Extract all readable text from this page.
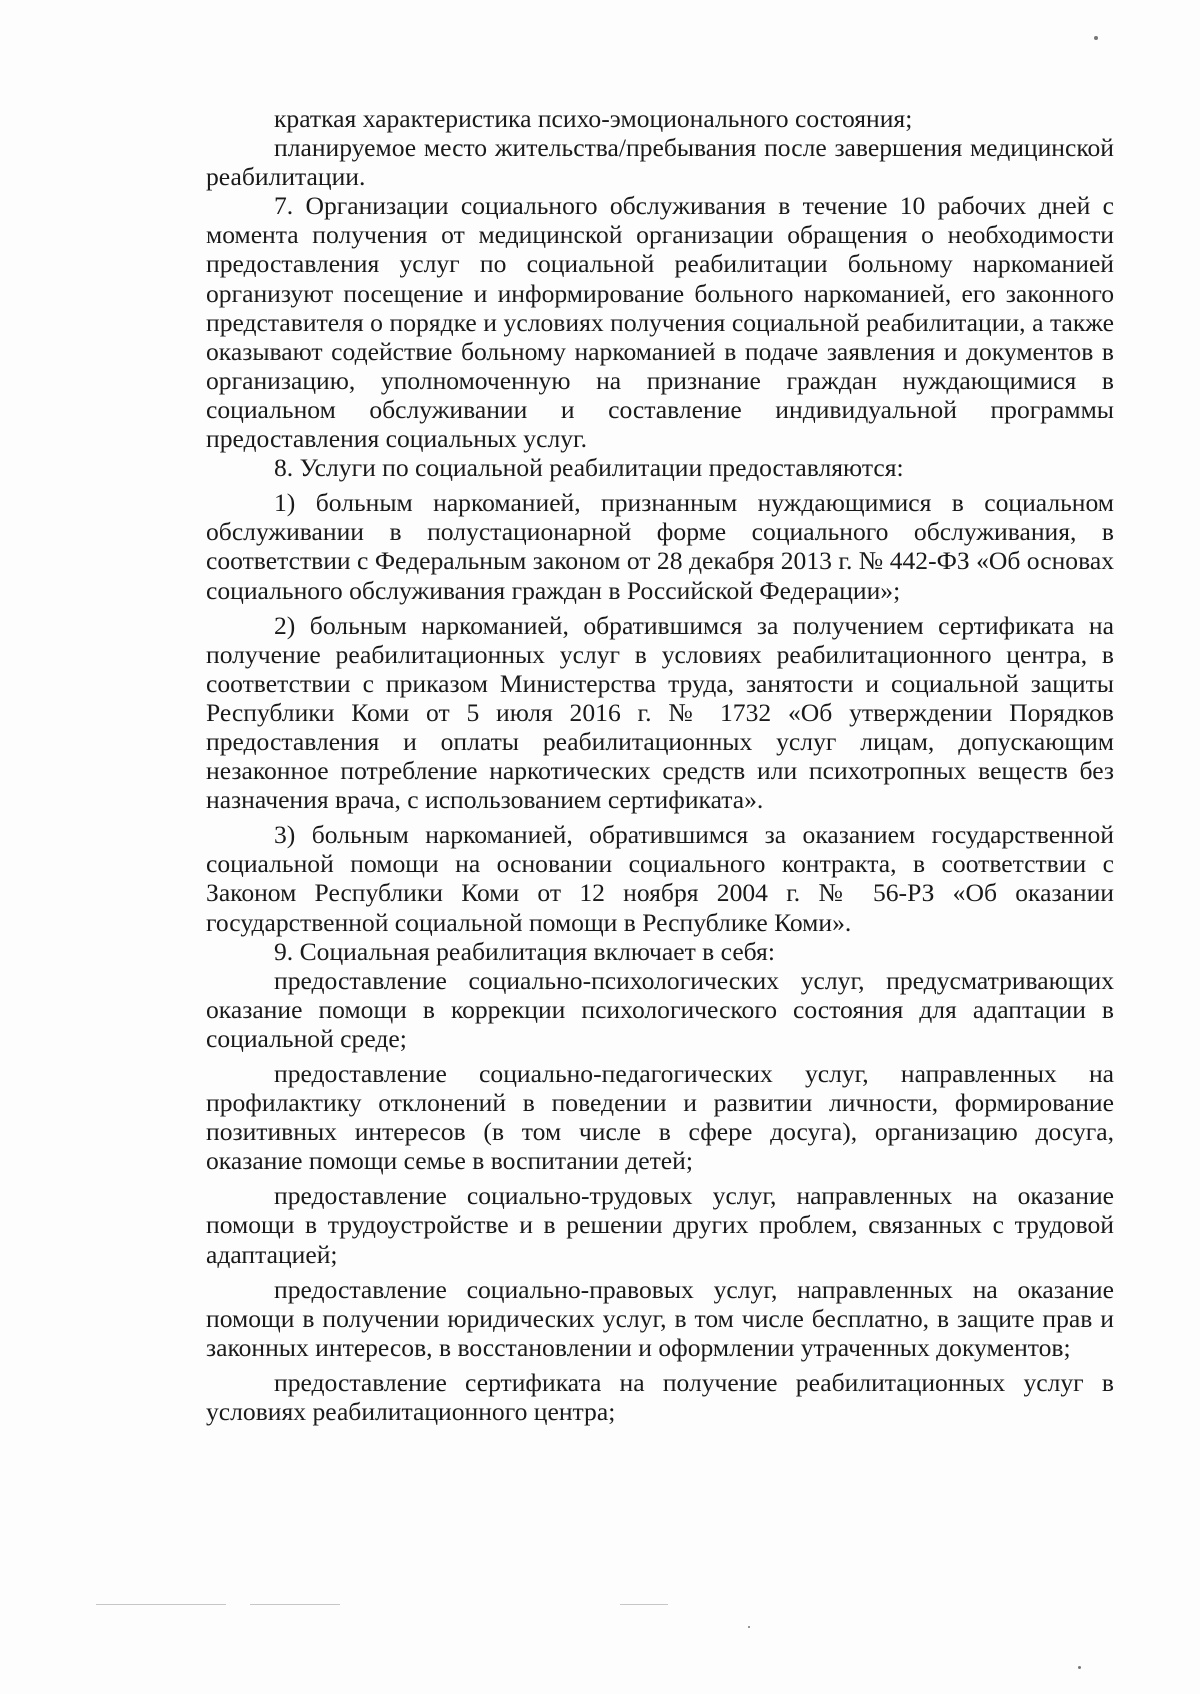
краткая характеристика психо-эмоционального состояния;

планируемое место жительства/пребывания после завершения медицинской реабилитации.

7. Организации социального обслуживания в течение 10 рабочих дней с момента получения от медицинской организации обращения о необходимости предоставления услуг по социальной реабилитации больному наркоманией организуют посещение и информирование больного наркоманией, его законного представителя о порядке и условиях получения социальной реабилитации, а также оказывают содействие больному наркоманией в подаче заявления и документов в организацию, уполномоченную на признание граждан нуждающимися в социальном обслуживании и составление индивидуальной программы предоставления социальных услуг.

8. Услуги по социальной реабилитации предоставляются:

1) больным наркоманией, признанным нуждающимися в социальном обслуживании в полустационарной форме социального обслуживания, в соответствии с Федеральным законом от 28 декабря 2013 г. № 442-ФЗ «Об основах социального обслуживания граждан в Российской Федерации»;

2) больным наркоманией, обратившимся за получением сертификата на получение реабилитационных услуг в условиях реабилитационного центра, в соответствии с приказом Министерства труда, занятости и социальной защиты Республики Коми от 5 июля 2016 г. № 1732 «Об утверждении Порядков предоставления и оплаты реабилитационных услуг лицам, допускающим незаконное потребление наркотических средств или психотропных веществ без назначения врача, с использованием сертификата».

3) больным наркоманией, обратившимся за оказанием государственной социальной помощи на основании социального контракта, в соответствии с Законом Республики Коми от 12 ноября 2004 г. № 56-РЗ «Об оказании государственной социальной помощи в Республике Коми».

9. Социальная реабилитация включает в себя:

предоставление социально-психологических услуг, предусматривающих оказание помощи в коррекции психологического состояния для адаптации в социальной среде;

предоставление социально-педагогических услуг, направленных на профилактику отклонений в поведении и развитии личности, формирование позитивных интересов (в том числе в сфере досуга), организацию досуга, оказание помощи семье в воспитании детей;

предоставление социально-трудовых услуг, направленных на оказание помощи в трудоустройстве и в решении других проблем, связанных с трудовой адаптацией;

предоставление социально-правовых услуг, направленных на оказание помощи в получении юридических услуг, в том числе бесплатно, в защите прав и законных интересов, в восстановлении и оформлении утраченных документов;

предоставление сертификата на получение реабилитационных услуг в условиях реабилитационного центра;
